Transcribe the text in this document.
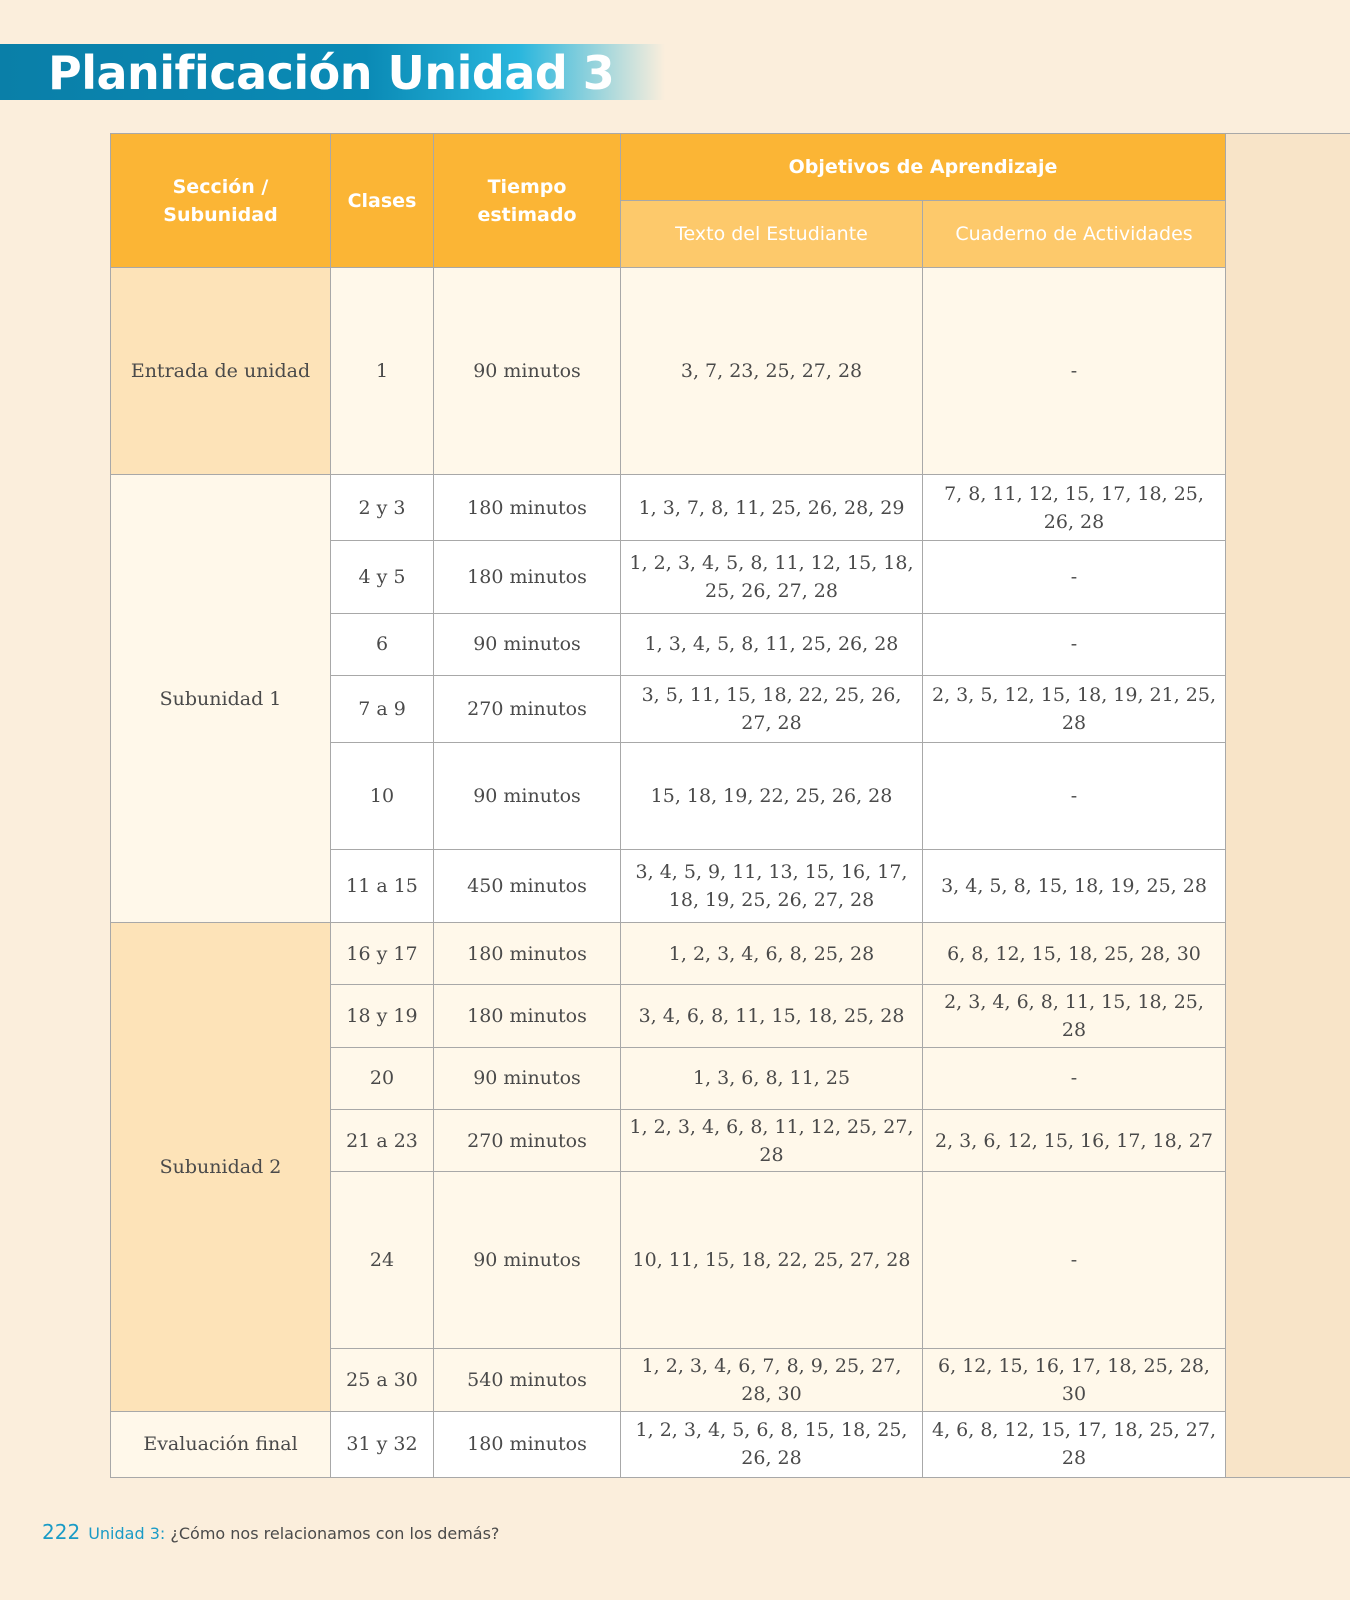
Planificación Unidad 3
Sección / Subunidad	Clases	Tiempo estimado	Objetivos de Aprendizaje	
			Texto del Estudiante	Cuaderno de Actividades
Entrada de unidad	1	90 minutos	3, 7, 23, 25, 27, 28	-
Subunidad 1	2 y 3	180 minutos	1, 3, 7, 8, 11, 25, 26, 28, 29	7, 8, 11, 12, 15, 17, 18, 25, 26, 28
	4 y 5	180 minutos	1, 2, 3, 4, 5, 8, 11, 12, 15, 18, 25, 26, 27, 28	-
	6	90 minutos	1, 3, 4, 5, 8, 11, 25, 26, 28	-
	7 a 9	270 minutos	3, 5, 11, 15, 18, 22, 25, 26, 27, 28	2, 3, 5, 12, 15, 18, 19, 21, 25, 28
	10	90 minutos	15, 18, 19, 22, 25, 26, 28	-
	11 a 15	450 minutos	3, 4, 5, 9, 11, 13, 15, 16, 17, 18, 19, 25, 26, 27, 28	3, 4, 5, 8, 15, 18, 19, 25, 28
Subunidad 2	16 y 17	180 minutos	1, 2, 3, 4, 6, 8, 25, 28	6, 8, 12, 15, 18, 25, 28, 30
	18 y 19	180 minutos	3, 4, 6, 8, 11, 15, 18, 25, 28	2, 3, 4, 6, 8, 11, 15, 18, 25, 28
	20	90 minutos	1, 3, 6, 8, 11, 25	-
	21 a 23	270 minutos	1, 2, 3, 4, 6, 8, 11, 12, 25, 27, 28	2, 3, 6, 12, 15, 16, 17, 18, 27
	24	90 minutos	10, 11, 15, 18, 22, 25, 27, 28	-
	25 a 30	540 minutos	1, 2, 3, 4, 6, 7, 8, 9, 25, 27, 28, 30	6, 12, 15, 16, 17, 18, 25, 28, 30
Evaluación final	31 y 32	180 minutos	1, 2, 3, 4, 5, 6, 8, 15, 18, 25, 26, 28	4, 6, 8, 12, 15, 17, 18, 25, 27, 28
222 Unidad 3: ¿Cómo nos relacionamos con los demás?
